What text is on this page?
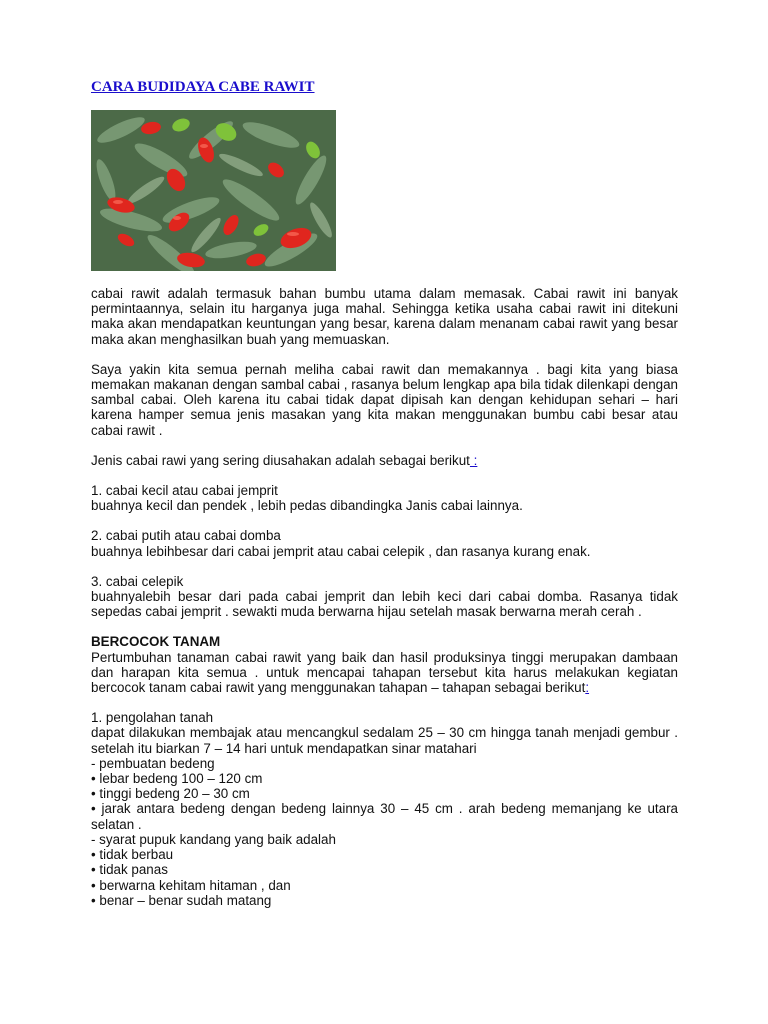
CARA BUDIDAYA CABE RAWIT

cabai rawit adalah termasuk bahan bumbu utama dalam memasak. Cabai rawit ini banyak permintaannya, selain itu harganya juga mahal. Sehingga ketika usaha cabai rawit ini ditekuni maka akan mendapatkan keuntungan yang besar, karena dalam menanam cabai rawit yang besar maka akan menghasilkan buah yang memuaskan.

Saya yakin kita semua pernah meliha cabai rawit dan memakannya . bagi kita yang biasa memakan makanan dengan sambal cabai , rasanya belum lengkap apa bila tidak dilenkapi dengan sambal cabai. Oleh karena itu cabai tidak dapat dipisah kan dengan kehidupan sehari – hari karena hamper semua jenis masakan yang kita makan menggunakan bumbu cabi besar atau cabai rawit .

Jenis cabai rawi yang sering diusahakan adalah sebagai berikut :

1. cabai kecil atau cabai jemprit
buahnya kecil dan pendek , lebih pedas dibandingka Janis cabai lainnya.

2. cabai putih atau cabai domba
buahnya lebihbesar dari cabai jemprit atau cabai celepik , dan rasanya kurang enak.

3. cabai celepik
buahnyalebih besar dari pada cabai jemprit dan lebih keci dari cabai domba. Rasanya tidak sepedas cabai jemprit . sewakti muda berwarna hijau setelah masak berwarna merah cerah .

BERCOCOK TANAM
Pertumbuhan tanaman cabai rawit yang baik dan hasil produksinya tinggi merupakan dambaan dan harapan kita semua . untuk mencapai tahapan tersebut kita harus melakukan kegiatan bercocok tanam cabai rawit yang menggunakan tahapan – tahapan sebagai berikut:

1. pengolahan tanah
dapat dilakukan membajak atau mencangkul sedalam 25 – 30 cm hingga tanah menjadi gembur . setelah itu biarkan 7 – 14 hari untuk mendapatkan sinar matahari

- pembuatan bedeng

• lebar bedeng 100 – 120 cm

• tinggi bedeng 20 – 30 cm

• jarak antara bedeng dengan bedeng lainnya 30 – 45 cm . arah bedeng memanjang ke utara selatan .

- syarat pupuk kandang yang baik adalah

• tidak berbau

• tidak panas

• berwarna kehitam hitaman , dan

• benar – benar sudah matang
